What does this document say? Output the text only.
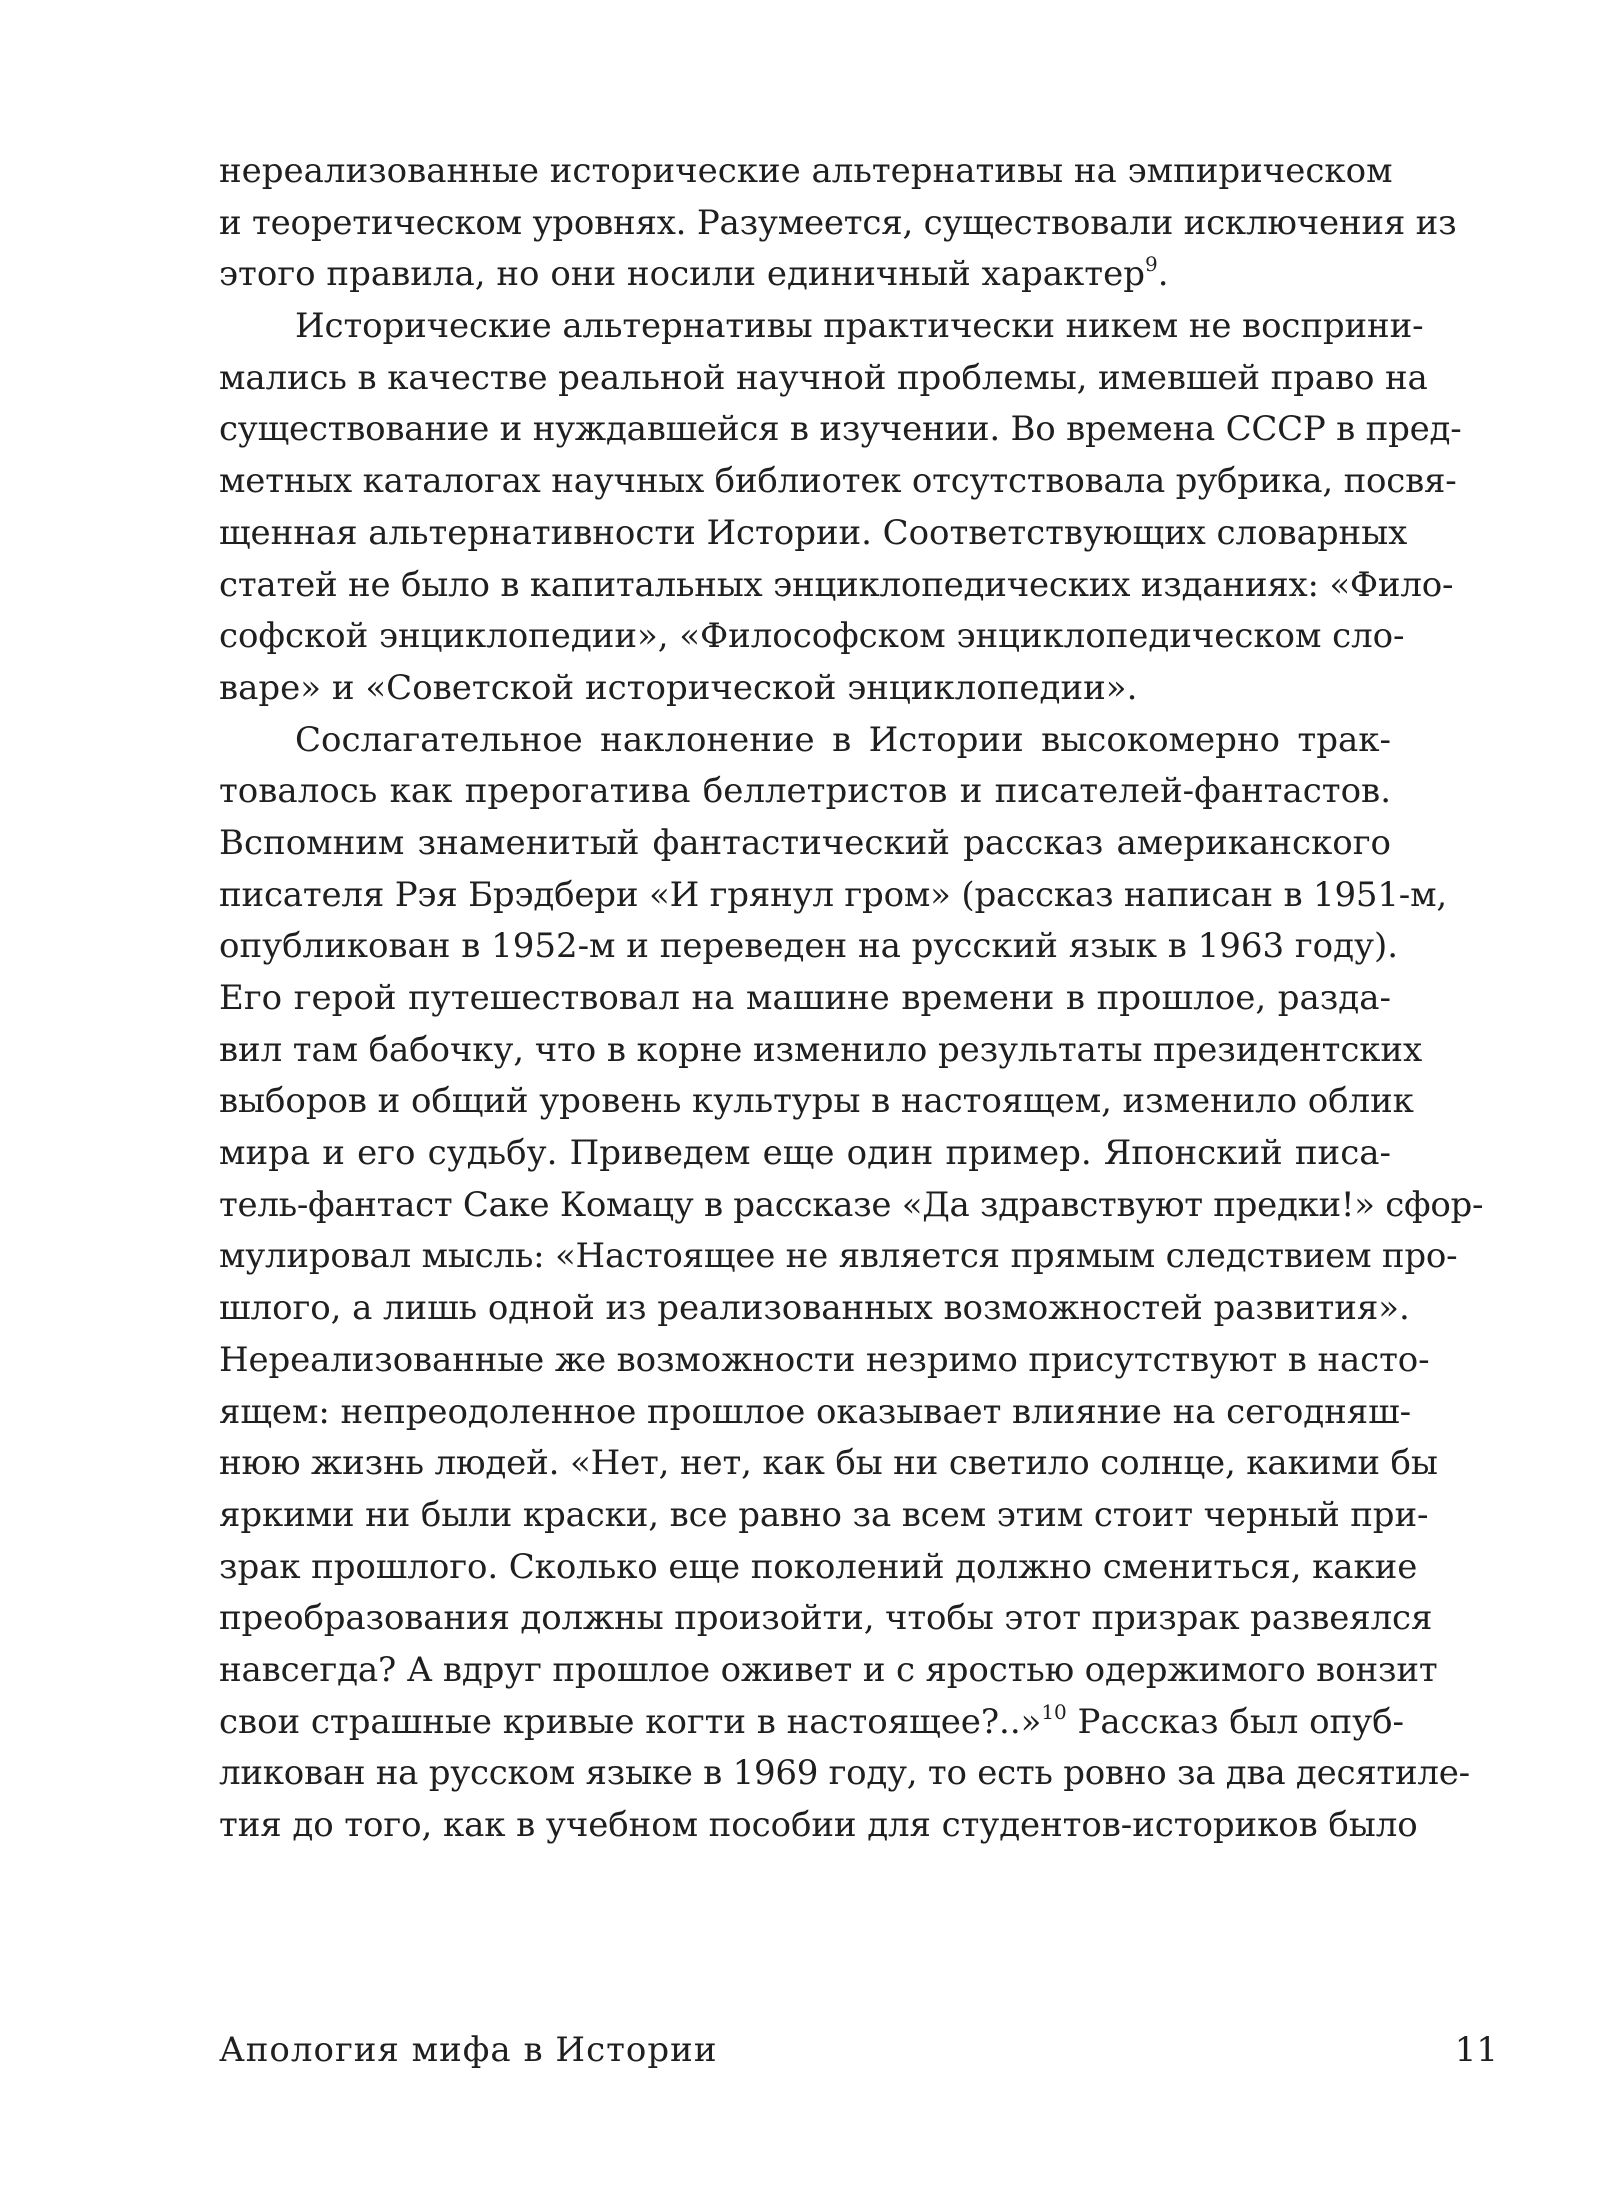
нереализованные исторические альтернативы на эмпирическом
и теоретическом уровнях. Разумеется, существовали исключения из
этого правила, но они носили единичный характер$^9$.
Исторические альтернативы практически никем не восприни-
мались в качестве реальной научной проблемы, имевшей право на
существование и нуждавшейся в изучении. Во времена СССР в пред-
метных каталогах научных библиотек отсутствовала рубрика, посвя-
щенная альтернативности Истории. Соответствующих словарных
статей не было в капитальных энциклопедических изданиях: «Фило-
софской энциклопедии», «Философском энциклопедическом сло-
варе» и «Советской исторической энциклопедии».
Сослагательное наклонение в Истории высокомерно трак-
товалось как прерогатива беллетристов и писателей-фантастов.
Вспомним знаменитый фантастический рассказ американского
писателя Рэя Брэдбери «И грянул гром» (рассказ написан в 1951-м,
опубликован в 1952-м и переведен на русский язык в 1963 году).
Его герой путешествовал на машине времени в прошлое, разда-
вил там бабочку, что в корне изменило результаты президентских
выборов и общий уровень культуры в настоящем, изменило облик
мира и его судьбу. Приведем еще один пример. Японский писа-
тель-фантаст Саке Комацу в рассказе «Да здравствуют предки!» сфор-
мулировал мысль: «Настоящее не является прямым следствием про-
шлого, а лишь одной из реализованных возможностей развития».
Нереализованные же возможности незримо присутствуют в насто-
ящем: непреодоленное прошлое оказывает влияние на сегодняш-
нюю жизнь людей. «Нет, нет, как бы ни светило солнце, какими бы
яркими ни были краски, все равно за всем этим стоит черный при-
зрак прошлого. Сколько еще поколений должно смениться, какие
преобразования должны произойти, чтобы этот призрак развеялся
навсегда? А вдруг прошлое оживет и с яростью одержимого вонзит
свои страшные кривые когти в настоящее?..»$^{10}$ Рассказ был опуб-
ликован на русском языке в 1969 году, то есть ровно за два десятиле-
тия до того, как в учебном пособии для студентов-историков было
Апология мифа в Истории	11
